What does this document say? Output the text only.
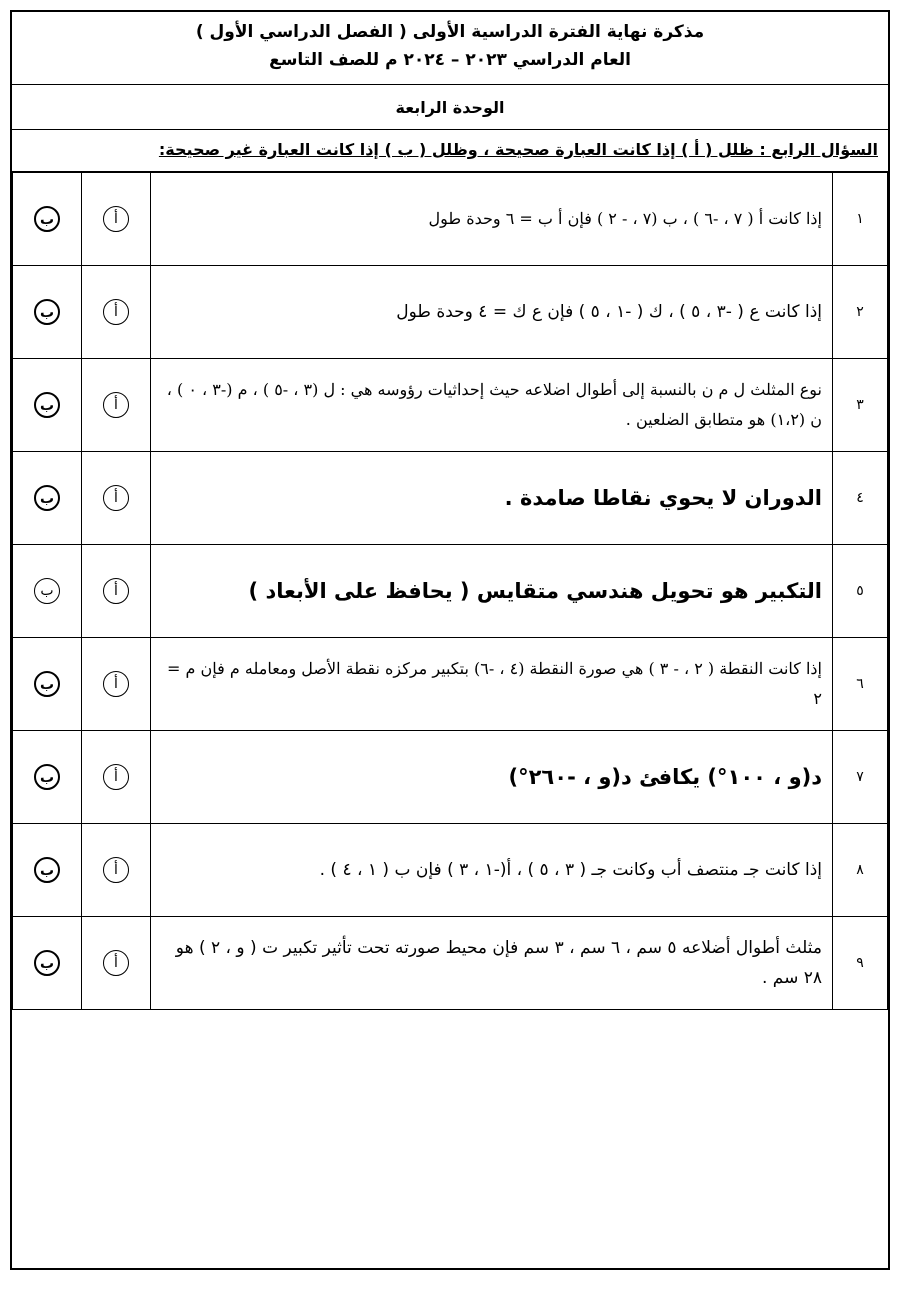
مذكرة نهاية الفترة الدراسية الأولى ( الفصل الدراسي الأول )
العام الدراسي ٢٠٢٣ – ٢٠٢٤ م للصف التاسع
الوحدة الرابعة
السؤال الرابع : ظلل ( أ ) إذا كانت العبارة صحيحة ، وظلل ( ب ) إذا كانت العبارة غير صحيحة:
ب	أ	إذا كانت أ ( ٧ ، -٦ ) ، ب (٧ ، - ٢ ) فإن أ ب = ٦ وحدة طول	١
ب	أ	إذا كانت ع ( -٣ ، ٥ ) ، ك ( -١ ، ٥ ) فإن ع ك = ٤ وحدة طول	٢
ب	أ	نوع المثلث ل م ن بالنسبة إلى أطوال اضلاعه حيث إحداثيات رؤوسه هي : ل (٣ ، -٥ ) ، م (-٣ ، ٠ ) ، ن (١،٢) هو متطابق الضلعين .	٣
ب	أ	الدوران لا يحوي نقاطا صامدة .	٤
ب	أ	التكبير هو تحويل هندسي متقايس ( يحافظ على الأبعاد )	٥
ب	أ	إذا كانت النقطة ( ٢ ، - ٣ ) هي صورة النقطة (٤ ، -٦) بتكبير مركزه نقطة الأصل ومعامله م فإن م = ٢	٦
ب	أ	د(و ، ١٠٠°) يكافئ د(و ، -٢٦٠°)	٧
ب	أ	إذا كانت جـ منتصف أب وكانت جـ ( ٣ ، ٥ ) ، أ(-١ ، ٣ ) فإن ب ( ١ ، ٤ ) .	٨
ب	أ	مثلث أطوال أضلاعه ٥ سم ، ٦ سم ، ٣ سم فإن محيط صورته تحت تأثير تكبير ت ( و ، ٢ ) هو ٢٨ سم .	٩
